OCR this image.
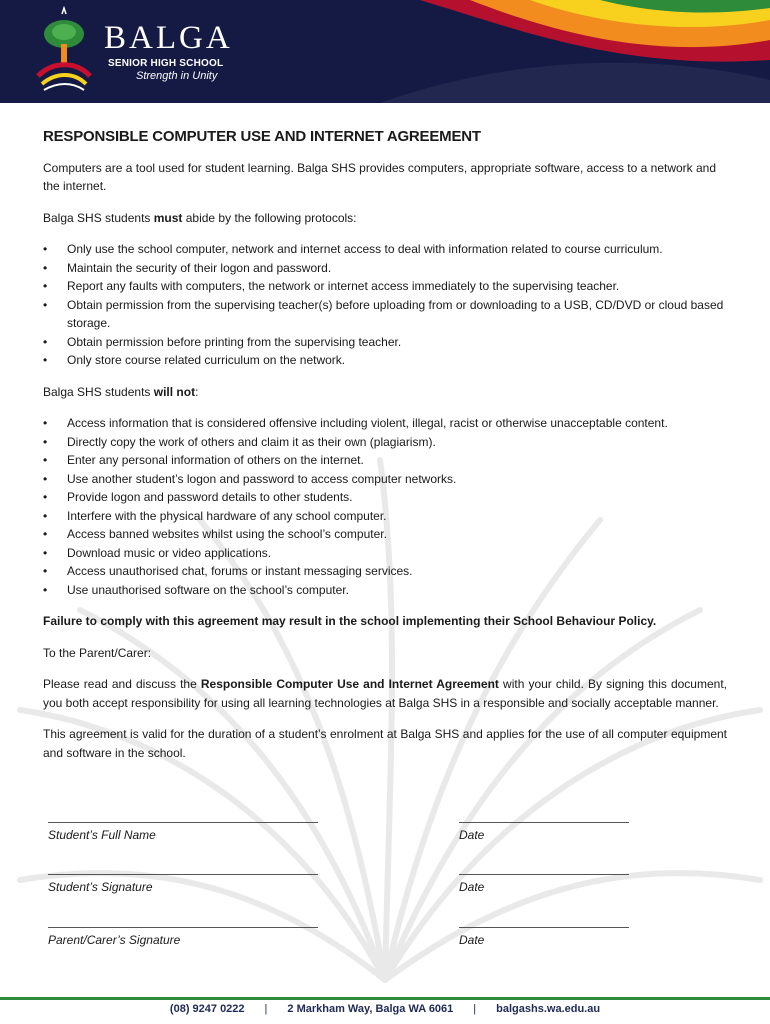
BALGA
SENIOR HIGH SCHOOL
Strength in Unity
RESPONSIBLE COMPUTER USE AND INTERNET AGREEMENT

Computers are a tool used for student learning. Balga SHS provides computers, appropriate software, access to a network and the internet.

Balga SHS students must abide by the following protocols:

• Only use the school computer, network and internet access to deal with information related to course curriculum.
• Maintain the security of their logon and password.
• Report any faults with computers, the network or internet access immediately to the supervising teacher.
• Obtain permission from the supervising teacher(s) before uploading from or downloading to a USB, CD/DVD or cloud based storage.
• Obtain permission before printing from the supervising teacher.
• Only store course related curriculum on the network.

Balga SHS students will not:

• Access information that is considered offensive including violent, illegal, racist or otherwise unacceptable content.
• Directly copy the work of others and claim it as their own (plagiarism).
• Enter any personal information of others on the internet.
• Use another student’s logon and password to access computer networks.
• Provide logon and password details to other students.
• Interfere with the physical hardware of any school computer.
• Access banned websites whilst using the school’s computer.
• Download music or video applications.
• Access unauthorised chat, forums or instant messaging services.
• Use unauthorised software on the school’s computer.

Failure to comply with this agreement may result in the school implementing their School Behaviour Policy.

To the Parent/Carer:

Please read and discuss the Responsible Computer Use and Internet Agreement with your child. By signing this document, you both accept responsibility for using all learning technologies at Balga SHS in a responsible and socially acceptable manner.

This agreement is valid for the duration of a student’s enrolment at Balga SHS and applies for the use of all computer equipment and software in the school.

Student’s Full Name	Date
Student’s Signature	Date
Parent/Carer’s Signature	Date
(08) 9247 0222 | 2 Markham Way, Balga WA 6061 | balgashs.wa.edu.au
